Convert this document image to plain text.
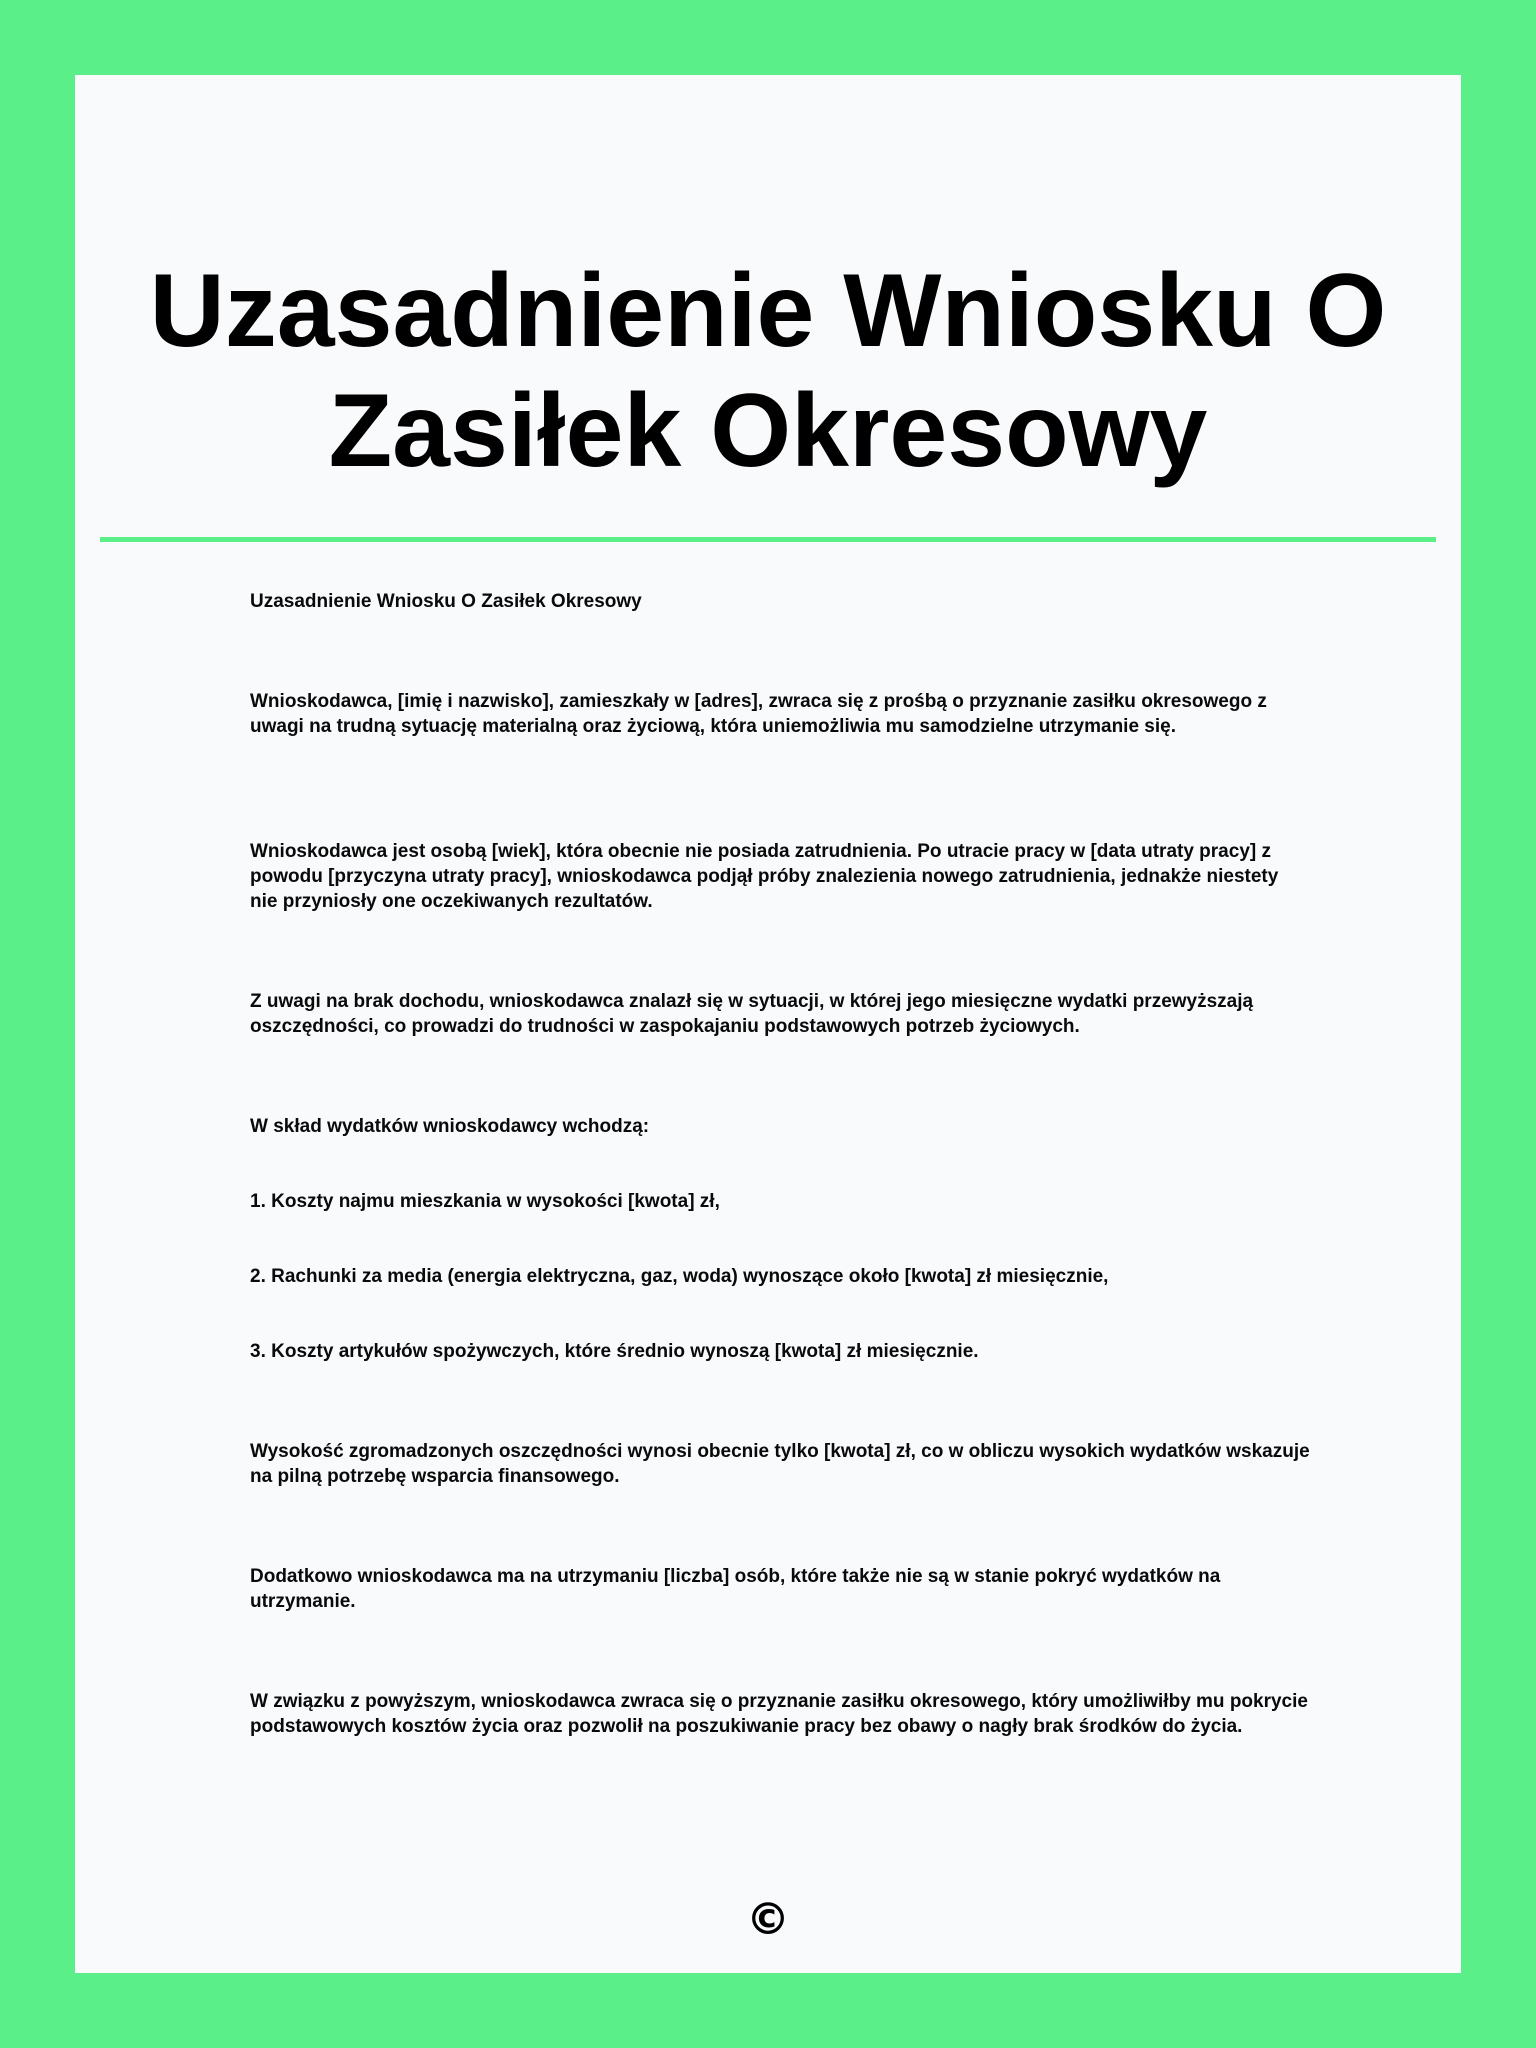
Uzasadnienie Wniosku O Zasiłek Okresowy

Uzasadnienie Wniosku O Zasiłek Okresowy

Wnioskodawca, [imię i nazwisko], zamieszkały w [adres], zwraca się z prośbą o przyznanie zasiłku okresowego z uwagi na trudną sytuację materialną oraz życiową, która uniemożliwia mu samodzielne utrzymanie się.

Wnioskodawca jest osobą [wiek], która obecnie nie posiada zatrudnienia. Po utracie pracy w [data utraty pracy] z powodu [przyczyna utraty pracy], wnioskodawca podjął próby znalezienia nowego zatrudnienia, jednakże niestety nie przyniosły one oczekiwanych rezultatów.

Z uwagi na brak dochodu, wnioskodawca znalazł się w sytuacji, w której jego miesięczne wydatki przewyższają oszczędności, co prowadzi do trudności w zaspokajaniu podstawowych potrzeb życiowych.

W skład wydatków wnioskodawcy wchodzą:

1. Koszty najmu mieszkania w wysokości [kwota] zł,

2. Rachunki za media (energia elektryczna, gaz, woda) wynoszące około [kwota] zł miesięcznie,

3. Koszty artykułów spożywczych, które średnio wynoszą [kwota] zł miesięcznie.

Wysokość zgromadzonych oszczędności wynosi obecnie tylko [kwota] zł, co w obliczu wysokich wydatków wskazuje na pilną potrzebę wsparcia finansowego.

Dodatkowo wnioskodawca ma na utrzymaniu [liczba] osób, które także nie są w stanie pokryć wydatków na utrzymanie.

W związku z powyższym, wnioskodawca zwraca się o przyznanie zasiłku okresowego, który umożliwiłby mu pokrycie podstawowych kosztów życia oraz pozwolił na poszukiwanie pracy bez obawy o nagły brak środków do życia.

©
